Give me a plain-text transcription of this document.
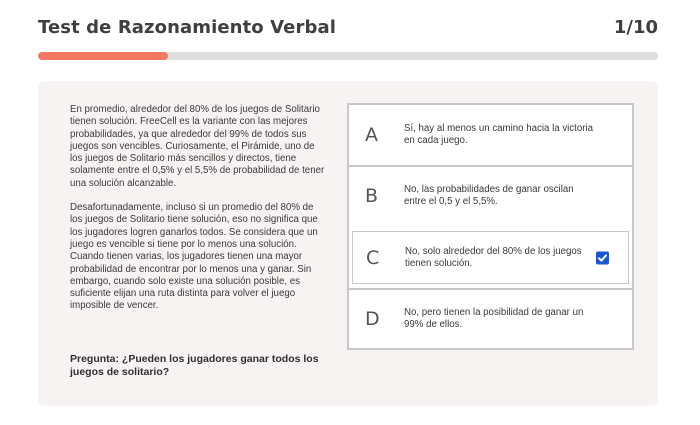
Test de Razonamiento Verbal	1/10

En promedio, alrededor del 80% de los juegos de Solitario tienen solución. FreeCell es la variante con las mejores probabilidades, ya que alrededor del 99% de todos sus juegos son vencibles. Curiosamente, el Pirámide, uno de los juegos de Solitario más sencillos y directos, tiene solamente entre el 0,5% y el 5,5% de probabilidad de tener una solución alcanzable.

Desafortunadamente, incluso si un promedio del 80% de los juegos de Solitario tiene solución, eso no significa que los jugadores logren ganarlos todos. Se considera que un juego es vencible si tiene por lo menos una solución. Cuando tienen varias, los jugadores tienen una mayor probabilidad de encontrar por lo menos una y ganar. Sin embargo, cuando solo existe una solución posible, es suficiente elijan una ruta distinta para volver el juego imposible de vencer.

Pregunta: ¿Pueden los jugadores ganar todos los juegos de solitario?
A	Sí, hay al menos un camino hacia la victoria en cada juego.
B	No, las probabilidades de ganar oscilan entre el 0,5 y el 5,5%.
C	No, solo alrededor del 80% de los juegos tienen solución.
D	No, pero tienen la posibilidad de ganar un 99% de ellos.
